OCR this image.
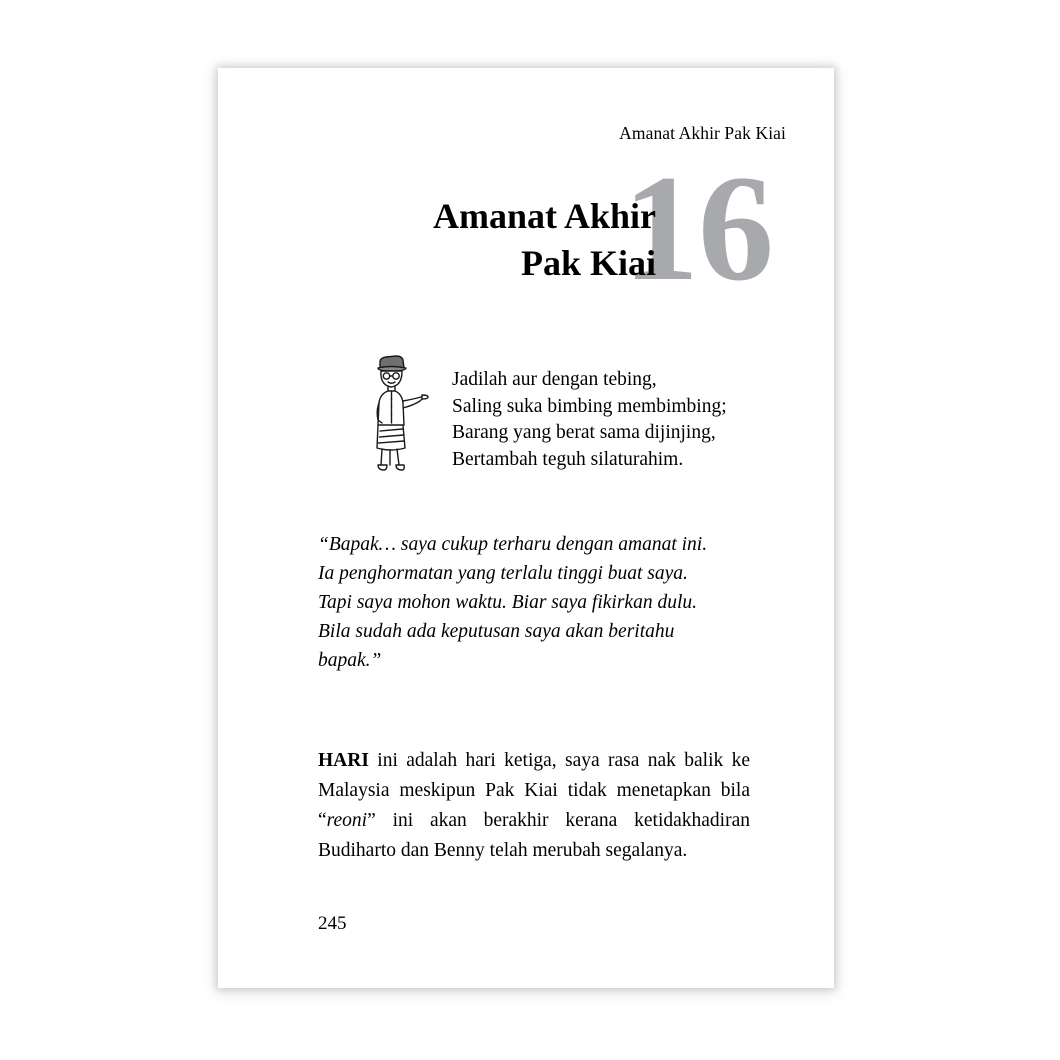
Amanat Akhir Pak Kiai
16
Amanat Akhir
Pak Kiai
Jadilah aur dengan tebing,
Saling suka bimbing membimbing;
Barang yang berat sama dijinjing,
Bertambah teguh silaturahim.
“Bapak… saya cukup terharu dengan amanat ini.
Ia penghormatan yang terlalu tinggi buat saya.
Tapi saya mohon waktu. Biar saya fikirkan dulu.
Bila sudah ada keputusan saya akan beritahu
bapak.”
HARI ini adalah hari ketiga, saya rasa nak balik ke Malaysia meskipun Pak Kiai tidak menetapkan bila “reoni” ini akan berakhir kerana ketidakhadiran Budiharto dan Benny telah merubah segalanya.
245
